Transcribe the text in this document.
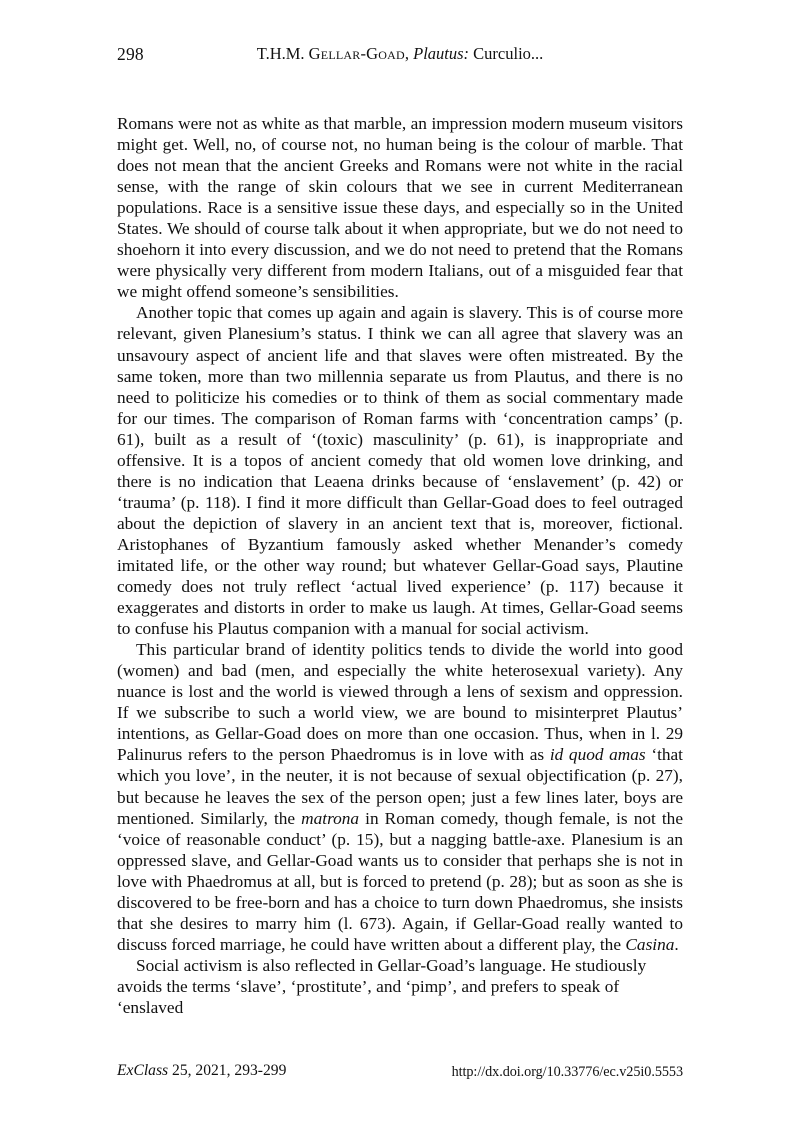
298	T.H.M. Gellar-Goad, Plautus: Curculio...

Romans were not as white as that marble, an impression modern museum visitors might get. Well, no, of course not, no human being is the colour of marble. That does not mean that the ancient Greeks and Romans were not white in the racial sense, with the range of skin colours that we see in current Mediterranean populations. Race is a sensitive issue these days, and especially so in the United States. We should of course talk about it when appropriate, but we do not need to shoehorn it into every discussion, and we do not need to pretend that the Romans were physically very different from modern Italians, out of a misguided fear that we might offend someone’s sensibilities.

Another topic that comes up again and again is slavery. This is of course more relevant, given Planesium’s status. I think we can all agree that slavery was an unsavoury aspect of ancient life and that slaves were often mistreated. By the same token, more than two millennia separate us from Plautus, and there is no need to politicize his comedies or to think of them as social commentary made for our times. The comparison of Roman farms with ‘concentration camps’ (p. 61), built as a result of ‘(toxic) masculinity’ (p. 61), is inappropriate and offensive. It is a topos of ancient comedy that old women love drinking, and there is no indication that Leaena drinks because of ‘enslavement’ (p. 42) or ‘trauma’ (p. 118). I find it more difficult than Gellar-Goad does to feel outraged about the depiction of slavery in an ancient text that is, moreover, fictional. Aristophanes of Byzantium famously asked whether Menander’s comedy imitated life, or the other way round; but whatever Gellar-Goad says, Plautine comedy does not truly reflect ‘actual lived experience’ (p. 117) because it exaggerates and distorts in order to make us laugh. At times, Gellar-Goad seems to confuse his Plautus companion with a manual for social activism.

This particular brand of identity politics tends to divide the world into good (women) and bad (men, and especially the white heterosexual variety). Any nuance is lost and the world is viewed through a lens of sexism and oppression. If we subscribe to such a world view, we are bound to misinterpret Plautus’ intentions, as Gellar-Goad does on more than one occasion. Thus, when in l. 29 Palinurus refers to the person Phaedromus is in love with as id quod amas ‘that which you love’, in the neuter, it is not because of sexual objectification (p. 27), but because he leaves the sex of the person open; just a few lines later, boys are mentioned. Similarly, the matrona in Roman comedy, though female, is not the ‘voice of reasonable conduct’ (p. 15), but a nagging battle-axe. Planesium is an oppressed slave, and Gellar-Goad wants us to consider that perhaps she is not in love with Phaedromus at all, but is forced to pretend (p. 28); but as soon as she is discovered to be free-born and has a choice to turn down Phaedromus, she insists that she desires to marry him (l. 673). Again, if Gellar-Goad really wanted to discuss forced marriage, he could have written about a different play, the Casina.

Social activism is also reflected in Gellar-Goad’s language. He studiously avoids the terms ‘slave’, ‘prostitute’, and ‘pimp’, and prefers to speak of ‘enslaved

ExClass 25, 2021, 293-299	http://dx.doi.org/10.33776/ec.v25i0.5553
